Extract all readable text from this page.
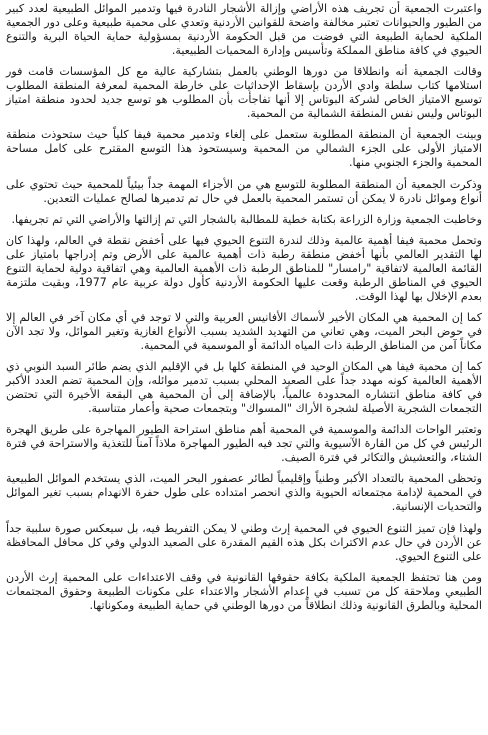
واعتبرت الجمعية أن تجريف هذه الأراضي وإزالة الأشجار النادرة فيها وتدمير الموائل الطبيعية لعدد كبير من الطيور والحيوانات تعتبر مخالفة واضحة للقوانين الأردنية وتعدي على محمية طبيعية وعلى دور الجمعية الملكية لحماية الطبيعة التي فوضت من قبل الحكومة الأردنية بمسؤولية حماية الحياة البرية والتنوع الحيوي في كافة مناطق المملكة وتأسيس وإدارة المحميات الطبيعية.

وقالت الجمعية أنه وانطلاقا من دورها الوطني بالعمل بتشاركية عالية مع كل المؤسسات قامت فور استلامها كتاب سلطة وادي الأردن بإسقاط الإحداثيات على خارطة المحمية لمعرفة المنطقة المطلوب توسيع الامتياز الخاص لشركة البوتاس إلا أنها تفاجأت بأن المطلوب هو توسع جديد لحدود منطقة امتياز البوتاس وليس نفس المنطقة الشمالية من المحمية.

وبينت الجمعية أن المنطقة المطلوبة ستعمل على إلغاء وتدمير محمية فيفا كلياً حيث ستحوذت منطقة الامتياز الأولى على الجزء الشمالي من المحمية وسيستحوذ هذا التوسع المقترح على كامل مساحة المحمية والجزء الجنوبي منها.

وذكرت الجمعية أن المنطقة المطلوبة للتوسع هي من الأجزاء المهمة جداً بيئياً للمحمية حيث تحتوي على أنواع وموائل نادرة لا يمكن أن تستمر المحمية بالعمل في حال تم تدميرها لصالح عمليات التعدين.

وخاطبت الجمعية وزارة الزراعة بكتابة خطية للمطالبة بالشجار التي تم إزالتها والأراضي التي تم تجريفها.

وتحمل محمية فيفا أهمية عالمية وذلك لندرة التنوع الحيوي فيها على أخفض نقطة في العالم، ولهذا كان لها التقدير العالمي بأنها أخفض منطقة رطبة ذات أهمية عالمية على الأرض وتم إدراجها بامتياز على القائمة العالمية لاتفاقية "رامسار" للمناطق الرطبة ذات الأهمية العالمية وهي اتفاقية دولية لحماية التنوع الحيوي في المناطق الرطبة وقعت عليها الحكومة الأردنية كأول دولة عربية عام 1977، وبقيت ملتزمة بعدم الإخلال بها لهذا الوقت.

كما إن المحمية هي المكان الأخير لأسماك الأفانيس العربية والتي لا توجد في أي مكان آخر في العالم إلا في حوض البحر الميت، وهي تعاني من التهديد الشديد بسبب الأنواع الغازية وتغير الموائل، ولا تجد الآن مكاناً آمن من المناطق الرطبة ذات المياه الدائمة أو الموسمية في المحمية.

كما إن محمية فيفا هي المكان الوحيد في المنطقة كلها بل في الإقليم الذي يضم طائر السبد النوبي ذي الأهمية العالمية كونه مهدد جداً على الصعيد المحلي بسبب تدمير موائله، وإن المحمية تضم العدد الأكبر في كافة مناطق انتشاره المحدودة عالمياً، بالإضافة إلى أن المحمية هي البقعة الأخيرة التي تحتضن التجمعات الشجرية الأصيلة لشجرة الأراك "المسواك" وبتجمعات صحية وأعمار متناسبة.

وتعتبر الواحات الدائمة والموسمية في المحمية أهم مناطق استراحة الطيور المهاجرة على طريق الهجرة الرئيس في كل من القارة الآسيوية والتي تجد فيه الطيور المهاجرة ملاذاً آمناً للتغذية والاستراحة في فترة الشتاء، والتعشيش والتكاثر في فترة الصيف.

وتحظى المحمية بالتعداد الأكبر وطنياً وإقليمياً لطائر عصفور البحر الميت، الذي يستخدم الموائل الطبيعية في المحمية لإدامة مجتمعاته الحيوية والذي انحصر امتداده على طول حفرة الانهدام بسبب تغير الموائل والتحديات الإنسانية.

ولهذا فإن تميز التنوع الحيوي في المحمية إرث وطني لا يمكن التفريط فيه، بل سيعكس صورة سلبية جداً عن الأردن في حال عدم الاكتراث بكل هذه القيم المقدرة على الصعيد الدولي وفي كل محافل المحافظة على التنوع الحيوي.

ومن هنا تحتفظ الجمعية الملكية بكافة حقوقها القانونية في وقف الاعتداءات على المحمية إرث الأردن الطبيعي وملاحقة كل من تسبب في إعدام الأشجار والاعتداء على مكونات الطبيعة وحقوق المجتمعات المحلية وبالطرق القانونية وذلك انطلاقاً من دورها الوطني في حماية الطبيعة ومكوناتها.
